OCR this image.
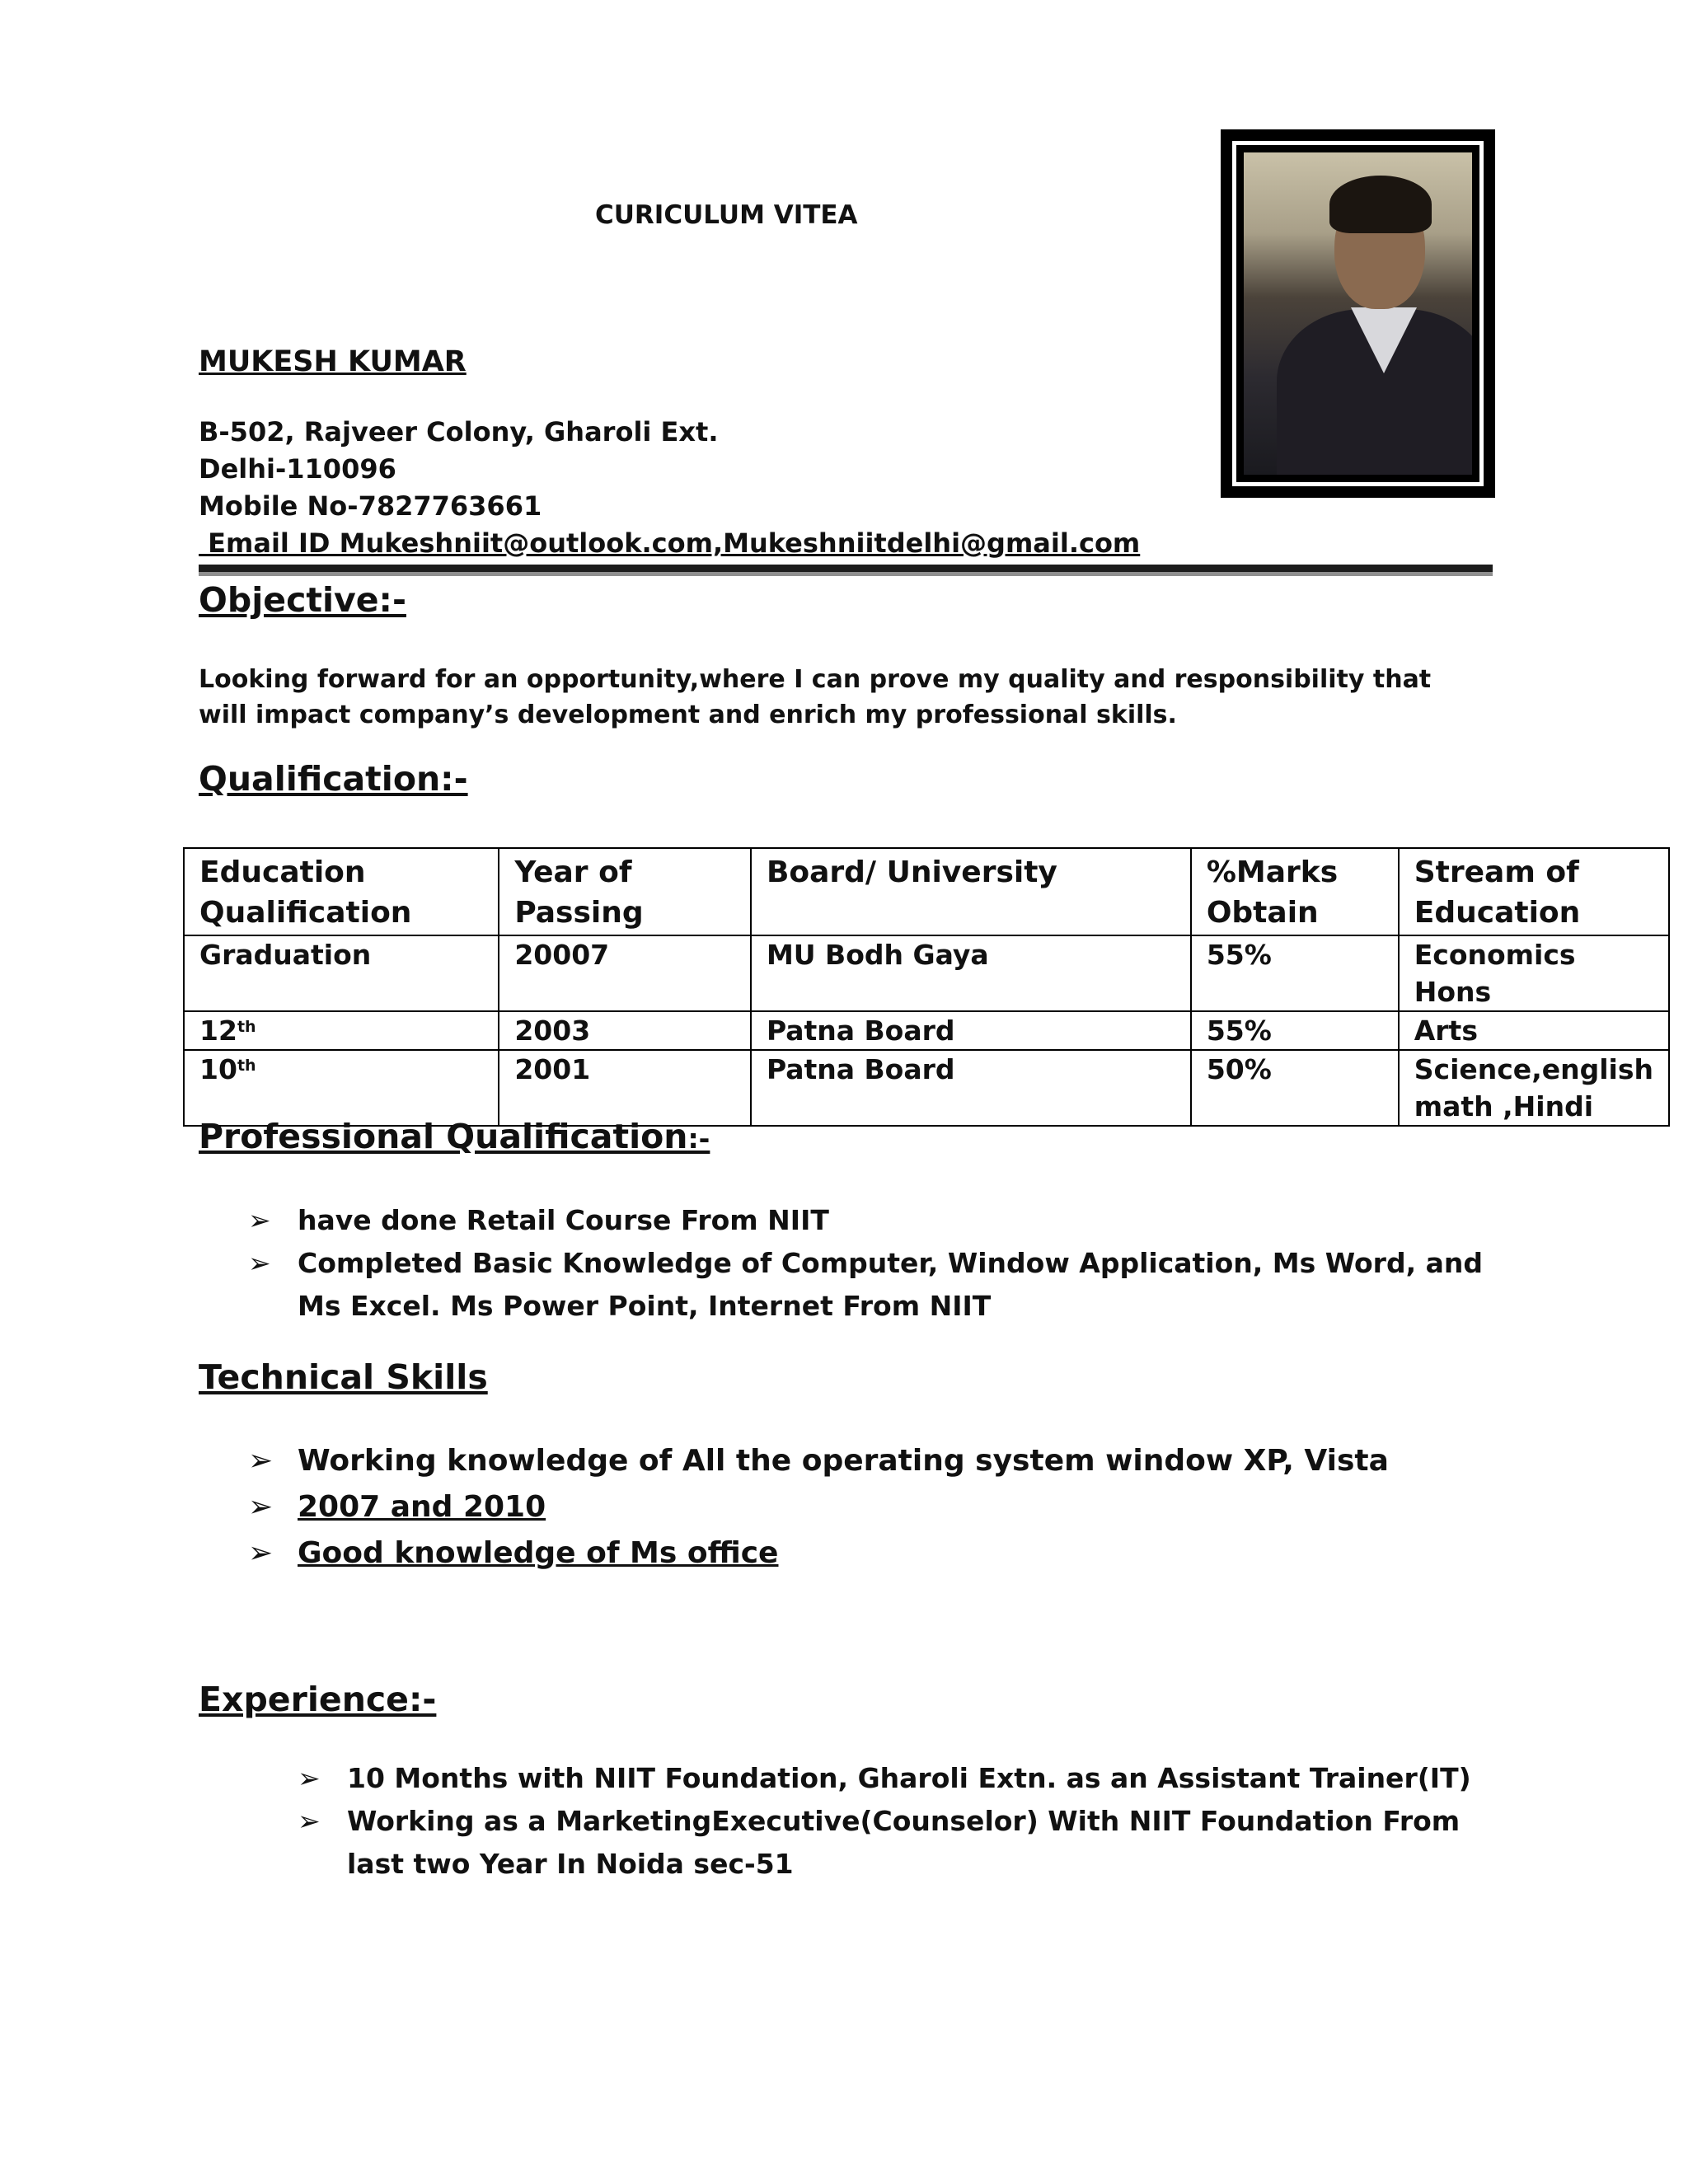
CURICULUM VITEA
MUKESH KUMAR
B-502, Rajveer Colony, Gharoli Ext.
Delhi-110096
Mobile No-7827763661
Email ID Mukeshniit@outlook.com,Mukeshniitdelhi@gmail.com
Objective:-
Looking forward for an opportunity,where I can prove my quality and responsibility that will impact company’s development and enrich my professional skills.
Qualification:-
Education Qualification	Year of Passing	Board/ University	%Marks Obtain	Stream of Education
Graduation	20007	MU Bodh Gaya	55%	Economics Hons
12th	2003	Patna Board	55%	Arts
10th	2001	Patna Board	50%	Science,english math ,Hindi
Professional Qualification:-
➢ have done Retail Course From NIIT
➢ Completed Basic Knowledge of Computer, Window Application, Ms Word, and Ms Excel. Ms Power Point, Internet From NIIT
Technical Skills
➢ Working knowledge of All the operating system window XP, Vista
➢ 2007 and 2010
➢ Good knowledge of Ms office
Experience:-
➢ 10 Months with NIIT Foundation, Gharoli Extn. as an Assistant Trainer(IT)
➢ Working as a MarketingExecutive(Counselor) With NIIT Foundation From last two Year In Noida sec-51
